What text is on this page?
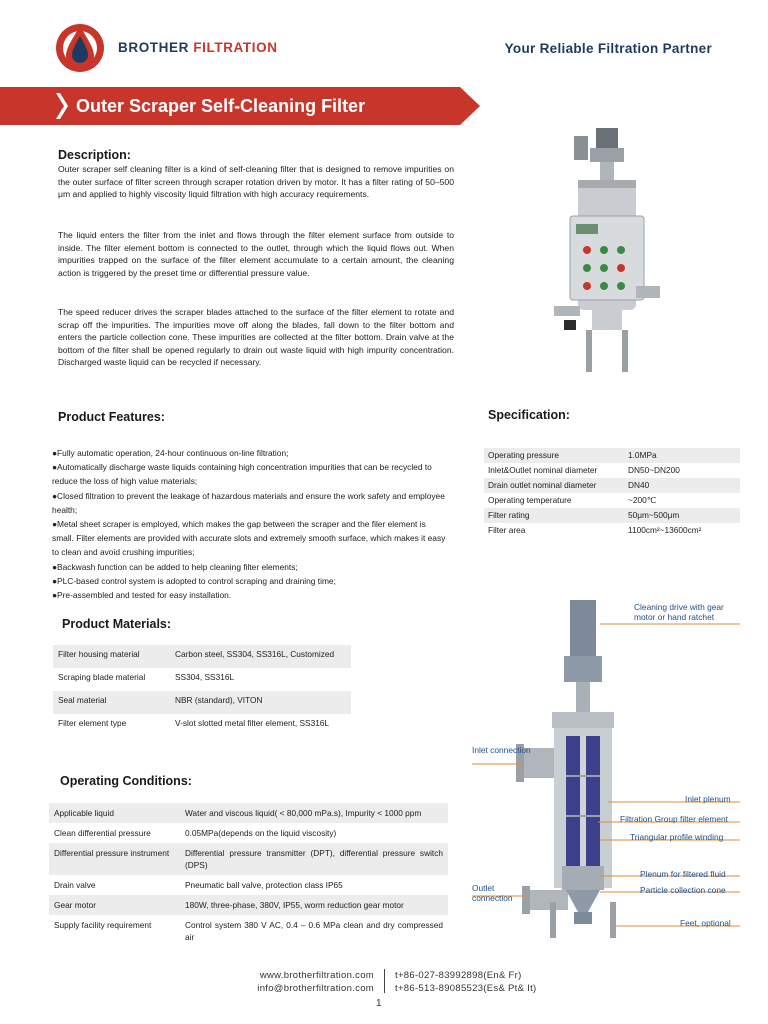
BROTHER FILTRATION	Your Reliable Filtration Partner
Outer Scraper Self-Cleaning Filter
Description:
Outer scraper self cleaning filter is a kind of self-cleaning filter that is designed to remove impurities on the outer surface of filter screen through scraper rotation driven by motor. It has a filter rating of 50–500 μm and applied to highly viscosity liquid filtration with high accuracy requirements.
The liquid enters the filter from the inlet and flows through the filter element surface from outside to inside. The filter element bottom is connected to the outlet, through which the liquid flows out. When impurities trapped on the surface of the filter element accumulate to a certain amount, the cleaning action is triggered by the preset time or differential pressure value.
The speed reducer drives the scraper blades attached to the surface of the filter element to rotate and scrap off the impurities. The impurities move off along the blades, fall down to the filter bottom and enters the particle collection cone. These impurities are collected at the filter bottom. Drain valve at the bottom of the filter shall be opened regularly to drain out waste liquid with high impurity concentration. Discharged waste liquid can be recycled if necessary.
Product Features:
●Fully automatic operation, 24-hour continuous on-line filtration;
●Automatically discharge waste liquids containing high concentration impurities that can be recycled to reduce the loss of high value materials;
●Closed filtration to prevent the leakage of hazardous materials and ensure the work safety and employee health;
●Metal sheet scraper is employed, which makes the gap between the scraper and the filer element is small. Filter elements are provided with accurate slots and extremely smooth surface, which makes it easy to clean and avoid crushing impurities;
●Backwash function can be added to help cleaning filter elements;
●PLC-based control system is adopted to control scraping and draining time;
●Pre-assembled and tested for easy installation.
Specification:
Operating pressure	1.0MPa
Inlet&Outlet nominal diameter	DN50~DN200
Drain outlet nominal diameter	DN40
Operating temperature	~200℃
Filter rating	50μm~500μm
Filter area	1100cm²~13600cm²
Product Materials:
Filter housing material	Carbon steel, SS304, SS316L, Customized
Scraping blade material	SS304, SS316L
Seal material	NBR (standard), VITON
Filter element type	V-slot slotted metal filter element, SS316L
Operating Conditions:
Applicable liquid	Water and viscous liquid( < 80,000 mPa.s), Impurity < 1000 ppm
Clean differential pressure	0.05MPa(depends on the liquid viscosity)
Differential pressure instrument	Differential pressure transmitter (DPT), differential pressure switch (DPS)
Drain valve	Pneumatic ball valve, protection class IP65
Gear motor	180W, three-phase, 380V, IP55, worm reduction gear motor
Supply facility requirement	Control system 380 V AC, 0.4 – 0.6 MPa clean and dry compressed air
Cleaning drive with gear motor or hand ratchet
Inlet connection
Inlet plenum
Filtration Group filter element
Triangular profile winding
Plenum for filtered fluid
Particle collection cone
Outlet connection
Feet, optional
www.brotherfiltration.com
info@brotherfiltration.com
t+86-027-83992898(En& Fr)
t+86-513-89085523(Es& Pt& It)
1
